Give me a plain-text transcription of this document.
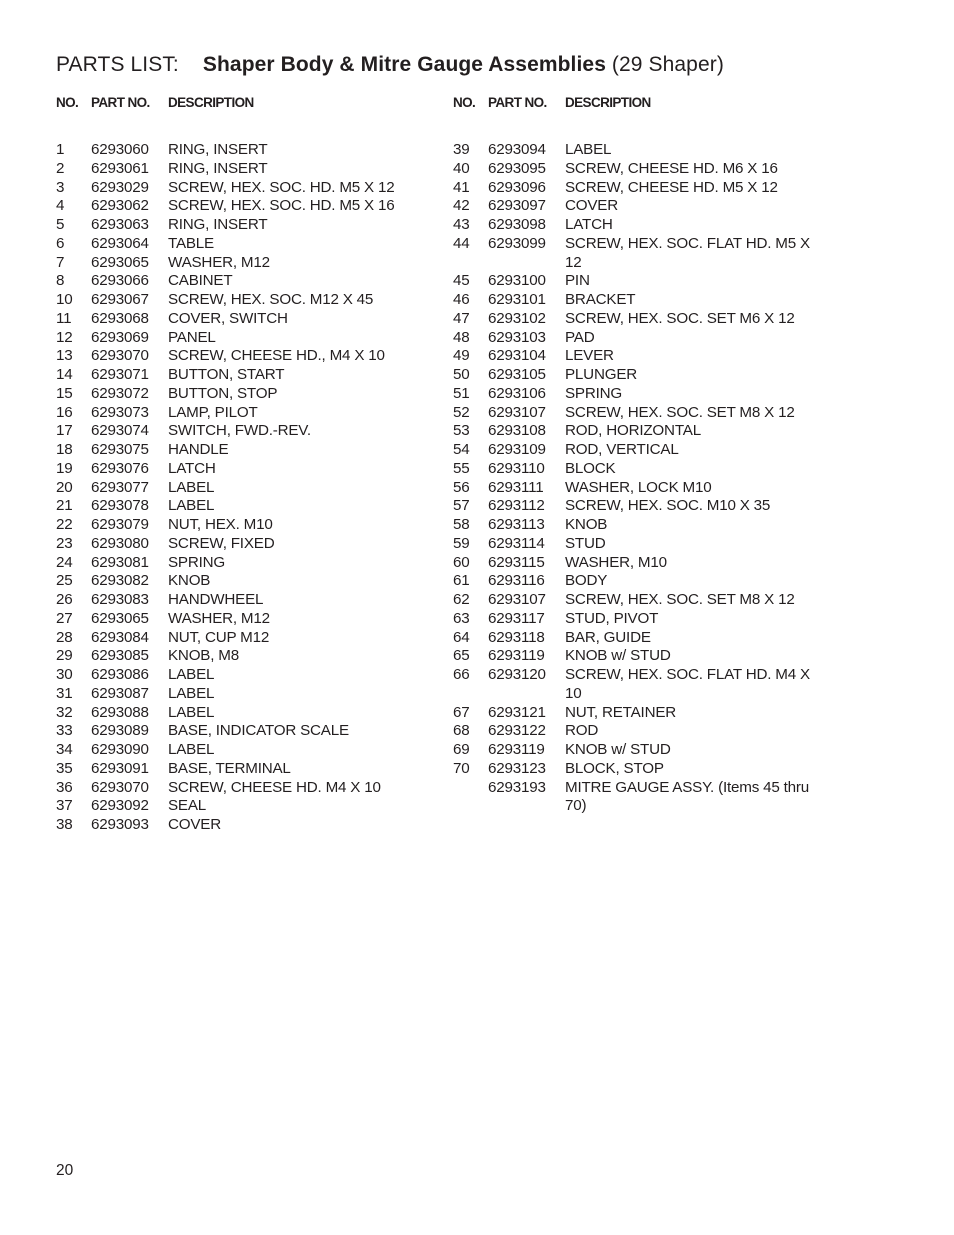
PARTS LIST: Shaper Body & Mitre Gauge Assemblies (29 Shaper)
NO. PART NO. DESCRIPTION
1 6293060 RING, INSERT
2 6293061 RING, INSERT
3 6293029 SCREW, HEX. SOC. HD. M5 X 12
4 6293062 SCREW, HEX. SOC. HD. M5 X 16
5 6293063 RING, INSERT
6 6293064 TABLE
7 6293065 WASHER, M12
8 6293066 CABINET
10 6293067 SCREW, HEX. SOC. M12 X 45
11 6293068 COVER, SWITCH
12 6293069 PANEL
13 6293070 SCREW, CHEESE HD., M4 X 10
14 6293071 BUTTON, START
15 6293072 BUTTON, STOP
16 6293073 LAMP, PILOT
17 6293074 SWITCH, FWD.-REV.
18 6293075 HANDLE
19 6293076 LATCH
20 6293077 LABEL
21 6293078 LABEL
22 6293079 NUT, HEX. M10
23 6293080 SCREW, FIXED
24 6293081 SPRING
25 6293082 KNOB
26 6293083 HANDWHEEL
27 6293065 WASHER, M12
28 6293084 NUT, CUP M12
29 6293085 KNOB, M8
30 6293086 LABEL
31 6293087 LABEL
32 6293088 LABEL
33 6293089 BASE, INDICATOR SCALE
34 6293090 LABEL
35 6293091 BASE, TERMINAL
36 6293070 SCREW, CHEESE HD. M4 X 10
37 6293092 SEAL
38 6293093 COVER
NO. PART NO. DESCRIPTION
39 6293094 LABEL
40 6293095 SCREW, CHEESE HD. M6 X 16
41 6293096 SCREW, CHEESE HD. M5 X 12
42 6293097 COVER
43 6293098 LATCH
44 6293099 SCREW, HEX. SOC. FLAT HD. M5 X 12
45 6293100 PIN
46 6293101 BRACKET
47 6293102 SCREW, HEX. SOC. SET M6 X 12
48 6293103 PAD
49 6293104 LEVER
50 6293105 PLUNGER
51 6293106 SPRING
52 6293107 SCREW, HEX. SOC. SET M8 X 12
53 6293108 ROD, HORIZONTAL
54 6293109 ROD, VERTICAL
55 6293110 BLOCK
56 6293111 WASHER, LOCK M10
57 6293112 SCREW, HEX. SOC. M10 X 35
58 6293113 KNOB
59 6293114 STUD
60 6293115 WASHER, M10
61 6293116 BODY
62 6293107 SCREW, HEX. SOC. SET M8 X 12
63 6293117 STUD, PIVOT
64 6293118 BAR, GUIDE
65 6293119 KNOB w/ STUD
66 6293120 SCREW, HEX. SOC. FLAT HD. M4 X 10
67 6293121 NUT, RETAINER
68 6293122 ROD
69 6293119 KNOB w/ STUD
70 6293123 BLOCK, STOP
6293193 MITRE GAUGE ASSY. (Items 45 thru 70)
20
